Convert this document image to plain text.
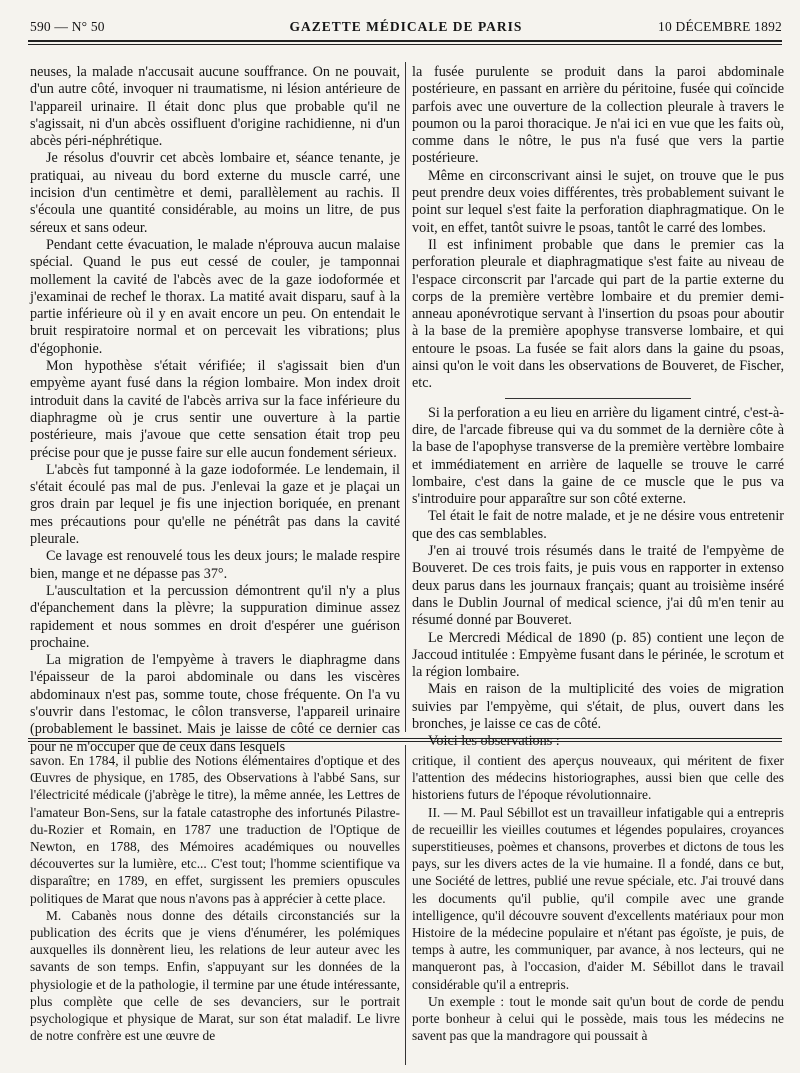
590 — N° 50	GAZETTE MÉDICALE DE PARIS	10 DÉCEMBRE 1892

neuses, la malade n'accusait aucune souffrance. On ne pouvait, d'un autre côté, invoquer ni traumatisme, ni lésion antérieure de l'appareil urinaire. Il était donc plus que probable qu'il ne s'agissait, ni d'un abcès ossifluent d'origine rachidienne, ni d'un abcès péri-néphrétique.

Je résolus d'ouvrir cet abcès lombaire et, séance tenante, je pratiquai, au niveau du bord externe du muscle carré, une incision d'un centimètre et demi, parallèlement au rachis. Il s'écoula une quantité considérable, au moins un litre, de pus séreux et sans odeur.

Pendant cette évacuation, le malade n'éprouva aucun malaise spécial. Quand le pus eut cessé de couler, je tamponnai mollement la cavité de l'abcès avec de la gaze iodoformée et j'examinai de rechef le thorax. La matité avait disparu, sauf à la partie inférieure où il y en avait encore un peu. On entendait le bruit respiratoire normal et on percevait les vibrations; plus d'égophonie.

Mon hypothèse s'était vérifiée; il s'agissait bien d'un empyème ayant fusé dans la région lombaire. Mon index droit introduit dans la cavité de l'abcès arriva sur la face inférieure du diaphragme où je crus sentir une ouverture à la partie postérieure, mais j'avoue que cette sensation était trop peu précise pour que je pusse faire sur elle aucun fondement sérieux.

L'abcès fut tamponné à la gaze iodoformée. Le lendemain, il s'était écoulé pas mal de pus. J'enlevai la gaze et je plaçai un gros drain par lequel je fis une injection boriquée, en prenant mes précautions pour qu'elle ne pénétrât pas dans la cavité pleurale.

Ce lavage est renouvelé tous les deux jours; le malade respire bien, mange et ne dépasse pas 37°.

L'auscultation et la percussion démontrent qu'il n'y a plus d'épanchement dans la plèvre; la suppuration diminue assez rapidement et nous sommes en droit d'espérer une guérison prochaine.

La migration de l'empyème à travers le diaphragme dans l'épaisseur de la paroi abdominale ou dans les viscères abdominaux n'est pas, somme toute, chose fréquente. On l'a vu s'ouvrir dans l'estomac, le côlon transverse, l'appareil urinaire (probablement le bassinet. Mais je laisse de côté ce dernier cas pour ne m'occuper que de ceux dans lesquels

la fusée purulente se produit dans la paroi abdominale postérieure, en passant en arrière du péritoine, fusée qui coïncide parfois avec une ouverture de la collection pleurale à travers le poumon ou la paroi thoracique. Je n'ai ici en vue que les faits où, comme dans le nôtre, le pus n'a fusé que vers la partie postérieure.

Même en circonscrivant ainsi le sujet, on trouve que le pus peut prendre deux voies différentes, très probablement suivant le point sur lequel s'est faite la perforation diaphragmatique. On le voit, en effet, tantôt suivre le psoas, tantôt le carré des lombes.

Il est infiniment probable que dans le premier cas la perforation pleurale et diaphragmatique s'est faite au niveau de l'espace circonscrit par l'arcade qui part de la partie externe du corps de la première vertèbre lombaire et du premier demi-anneau aponévrotique servant à l'insertion du psoas pour aboutir à la base de la première apophyse transverse lombaire, et qui entoure le psoas. La fusée se fait alors dans la gaine du psoas, ainsi qu'on le voit dans les observations de Bouveret, de Fischer, etc.

Si la perforation a eu lieu en arrière du ligament cintré, c'est-à-dire, de l'arcade fibreuse qui va du sommet de la dernière côte à la base de l'apophyse transverse de la première vertèbre lombaire et immédiatement en arrière de laquelle se trouve le carré lombaire, c'est dans la gaine de ce muscle que le pus va s'introduire pour apparaître sur son côté externe.

Tel était le fait de notre malade, et je ne désire vous entretenir que des cas semblables.

J'en ai trouvé trois résumés dans le traité de l'empyème de Bouveret. De ces trois faits, je puis vous en rapporter in extenso deux parus dans les journaux français; quant au troisième inséré dans le Dublin Journal of medical science, j'ai dû m'en tenir au résumé donné par Bouveret.

Le Mercredi Médical de 1890 (p. 85) contient une leçon de Jaccoud intitulée : Empyème fusant dans le périnée, le scrotum et la région lombaire.

Mais en raison de la multiplicité des voies de migration suivies par l'empyème, qui s'était, de plus, ouvert dans les bronches, je laisse ce cas de côté.

Voici les observations :

savon. En 1784, il publie des Notions élémentaires d'optique et des Œuvres de physique, en 1785, des Observations à l'abbé Sans, sur l'électricité médicale (j'abrège le titre), la même année, les Lettres de l'amateur Bon-Sens, sur la fatale catastrophe des infortunés Pilastre-du-Rozier et Romain, en 1787 une traduction de l'Optique de Newton, en 1788, des Mémoires académiques ou nouvelles découvertes sur la lumière, etc... C'est tout; l'homme scientifique va disparaître; en 1789, en effet, surgissent les premiers opuscules politiques de Marat que nous n'avons pas à apprécier à cette place.

M. Cabanès nous donne des détails circonstanciés sur la publication des écrits que je viens d'énumérer, les polémiques auxquelles ils donnèrent lieu, les relations de leur auteur avec les savants de son temps. Enfin, s'appuyant sur les données de la physiologie et de la pathologie, il termine par une étude intéressante, plus complète que celle de ses devanciers, sur le portrait psychologique et physique de Marat, sur son état maladif. Le livre de notre confrère est une œuvre de

critique, il contient des aperçus nouveaux, qui méritent de fixer l'attention des médecins historiographes, aussi bien que celle des historiens futurs de l'époque révolutionnaire.

II. — M. Paul Sébillot est un travailleur infatigable qui a entrepris de recueillir les vieilles coutumes et légendes populaires, croyances superstitieuses, poèmes et chansons, proverbes et dictons de tous les pays, sur les divers actes de la vie humaine. Il a fondé, dans ce but, une Société de lettres, publié une revue spéciale, etc. J'ai trouvé dans les documents qu'il publie, qu'il compile avec une grande intelligence, qu'il découvre souvent d'excellents matériaux pour mon Histoire de la médecine populaire et n'étant pas égoïste, je puis, de temps à autre, les communiquer, par avance, à nos lecteurs, qui ne manqueront pas, à l'occasion, d'aider M. Sébillot dans le travail considérable qu'il a entrepris.

Un exemple : tout le monde sait qu'un bout de corde de pendu porte bonheur à celui qui le possède, mais tous les médecins ne savent pas que la mandragore qui poussait à
